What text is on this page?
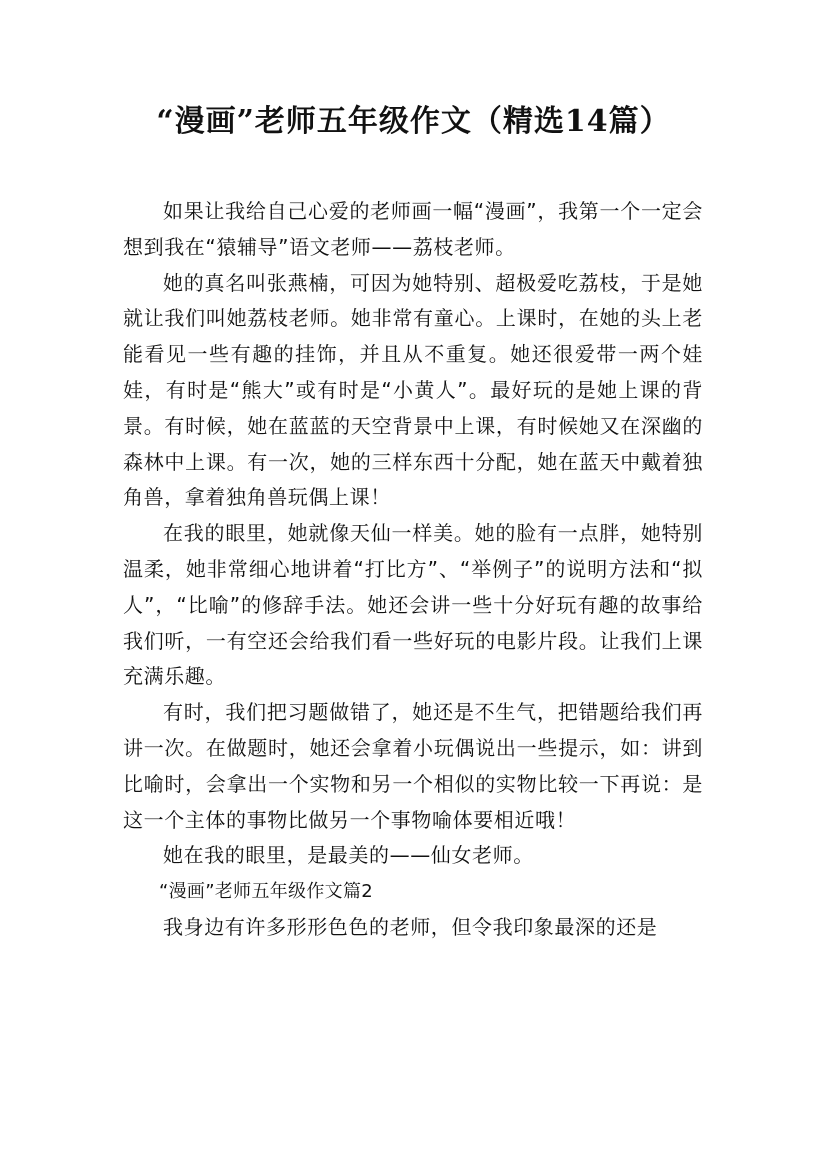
“漫画”老师五年级作文（精选14篇）

如果让我给自己心爱的老师画一幅“漫画”，我第一个一定会想到我在“猿辅导”语文老师——荔枝老师。

她的真名叫张燕楠，可因为她特别、超极爱吃荔枝，于是她就让我们叫她荔枝老师。她非常有童心。上课时，在她的头上老能看见一些有趣的挂饰，并且从不重复。她还很爱带一两个娃娃，有时是“熊大”或有时是“小黄人”。最好玩的是她上课的背景。有时候，她在蓝蓝的天空背景中上课，有时候她又在深幽的森林中上课。有一次，她的三样东西十分配，她在蓝天中戴着独角兽，拿着独角兽玩偶上课！

在我的眼里，她就像天仙一样美。她的脸有一点胖，她特别温柔，她非常细心地讲着“打比方”、“举例子”的说明方法和“拟人”，“比喻”的修辞手法。她还会讲一些十分好玩有趣的故事给我们听，一有空还会给我们看一些好玩的电影片段。让我们上课充满乐趣。

有时，我们把习题做错了，她还是不生气，把错题给我们再讲一次。在做题时，她还会拿着小玩偶说出一些提示，如：讲到比喻时，会拿出一个实物和另一个相似的实物比较一下再说：是这一个主体的事物比做另一个事物喻体要相近哦！

她在我的眼里，是最美的——仙女老师。

“漫画”老师五年级作文篇2

我身边有许多形形色色的老师，但令我印象最深的还是
